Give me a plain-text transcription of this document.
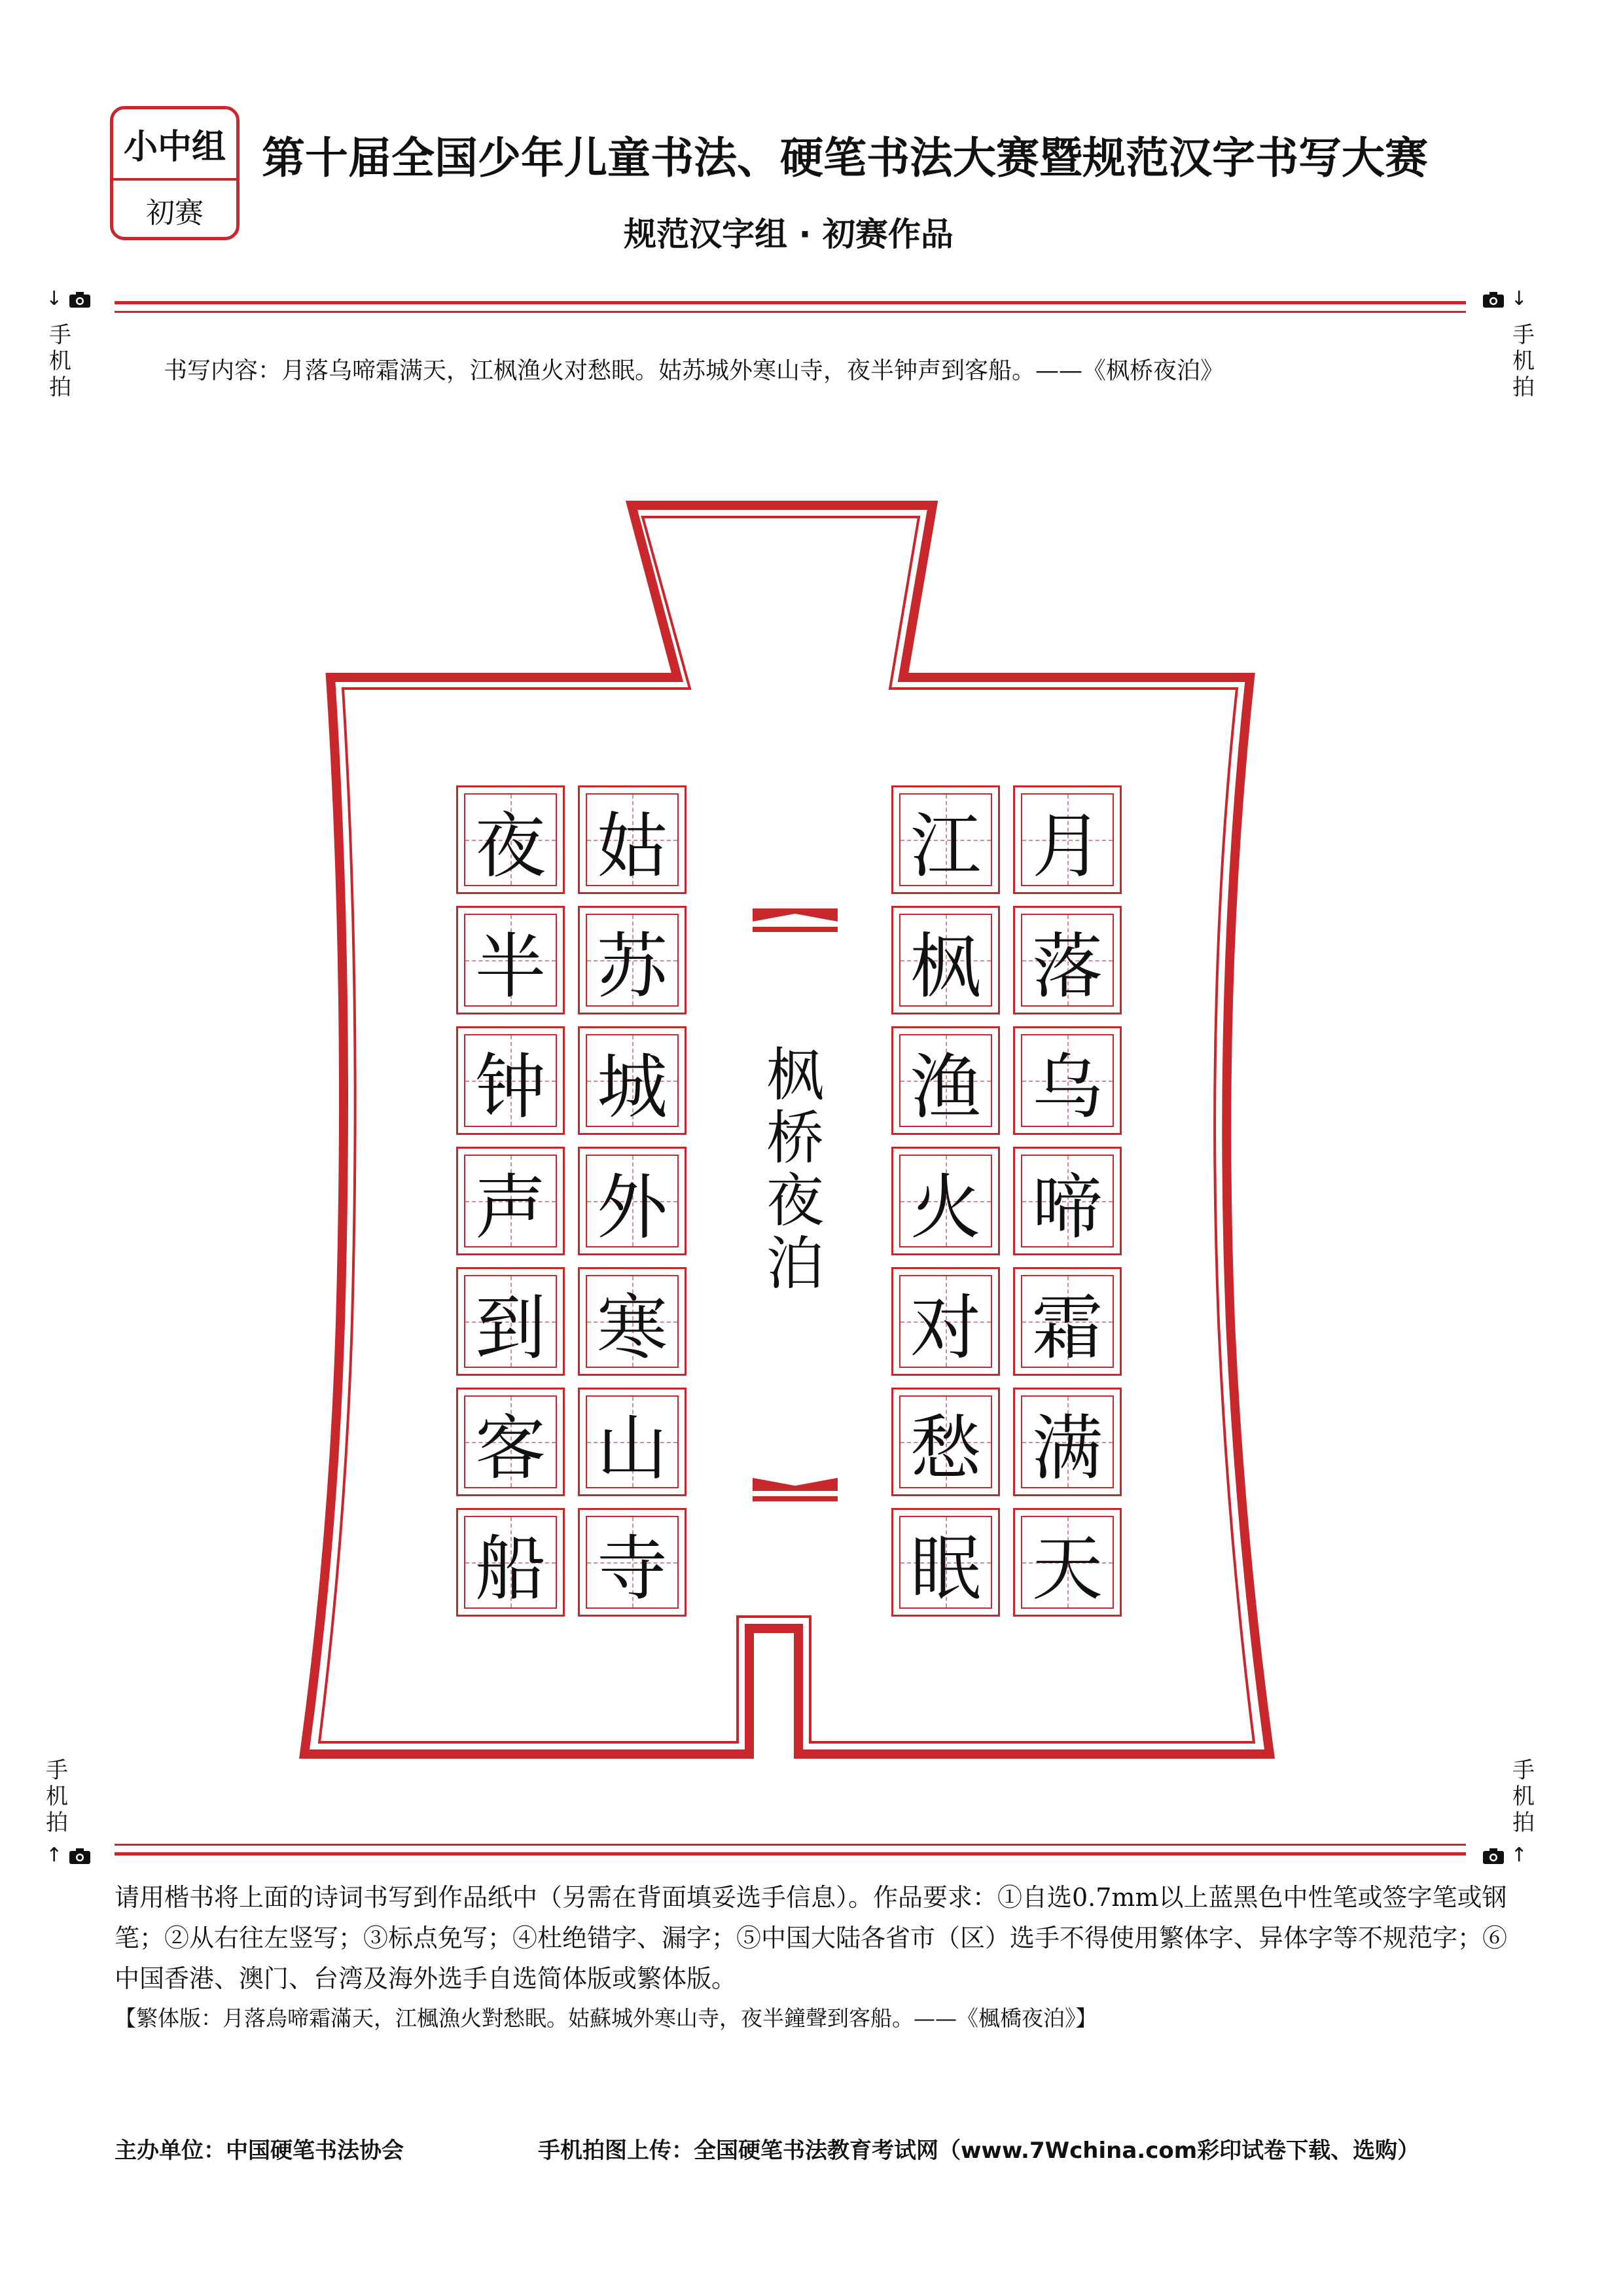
小中组
初赛
第十届全国少年儿童书法、硬笔书法大赛暨规范汉字书写大赛
规范汉字组 · 初赛作品
↓
手
机
拍
↓
手
机
拍
书写内容：月落乌啼霜满天，江枫渔火对愁眠。姑苏城外寒山寺，夜半钟声到客船。——《枫桥夜泊》
枫
桥
夜
泊
月
落
乌
啼
霜
满
天
江
枫
渔
火
对
愁
眠
姑
苏
城
外
寒
山
寺
夜
半
钟
声
到
客
船
手
机
拍
↑
手
机
拍
↑
请用楷书将上面的诗词书写到作品纸中（另需在背面填妥选手信息）。作品要求：①自选0.7mm以上蓝黑色中性笔或签字笔或钢笔；②从右往左竖写；③标点免写；④杜绝错字、漏字；⑤中国大陆各省市（区）选手不得使用繁体字、异体字等不规范字；⑥中国香港、澳门、台湾及海外选手自选简体版或繁体版。
【繁体版：月落烏啼霜滿天，江楓漁火對愁眠。姑蘇城外寒山寺，夜半鐘聲到客船。——《楓橋夜泊》】
主办单位：中国硬笔书法协会	手机拍图上传：全国硬笔书法教育考试网（www.7Wchina.com彩印试卷下载、选购）
